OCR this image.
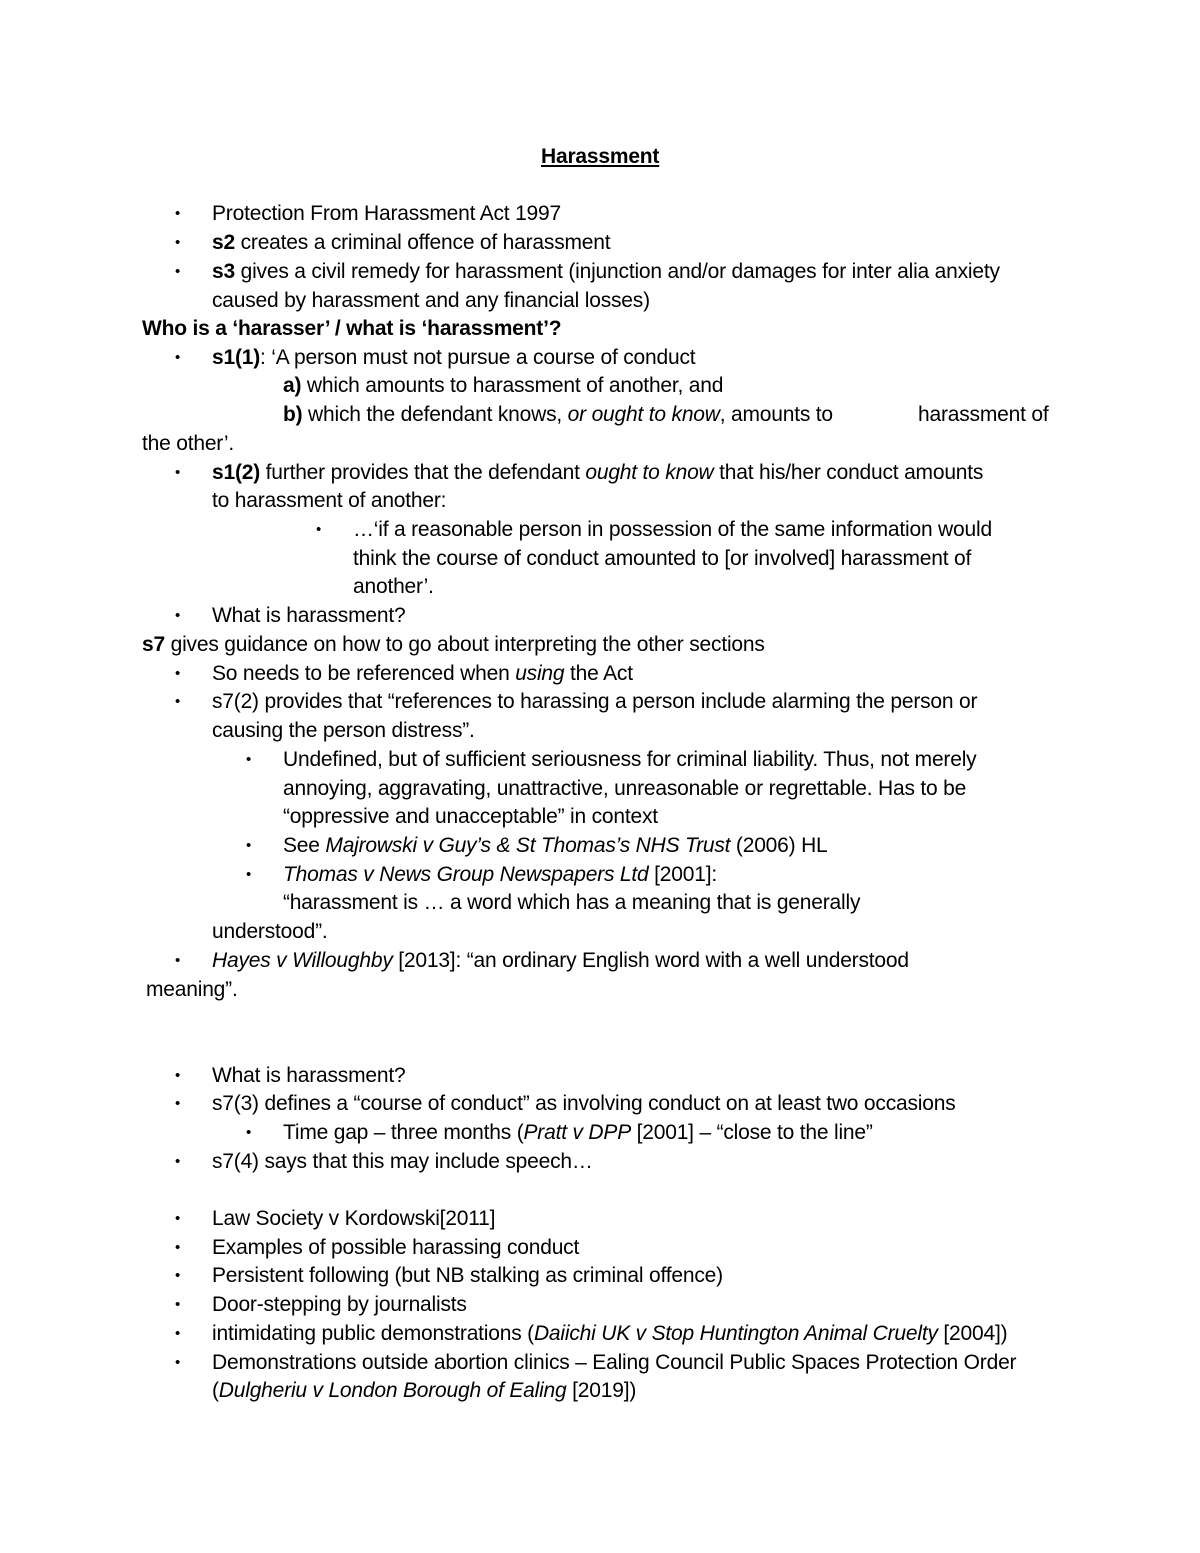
Harassment
• Protection From Harassment Act 1997
• s2 creates a criminal offence of harassment
• s3 gives a civil remedy for harassment (injunction and/or damages for inter alia anxiety
caused by harassment and any financial losses)
Who is a ‘harasser’ / what is ‘harassment’?
• s1(1): ‘A person must not pursue a course of conduct
a) which amounts to harassment of another, and
b) which the defendant knows, or ought to know, amounts to	harassment of
the other’.
• s1(2) further provides that the defendant ought to know that his/her conduct amounts
to harassment of another:
• …‘if a reasonable person in possession of the same information would
think the course of conduct amounted to [or involved] harassment of
another’.
• What is harassment?
s7 gives guidance on how to go about interpreting the other sections
• So needs to be referenced when using the Act
• s7(2) provides that “references to harassing a person include alarming the person or
causing the person distress”.
• Undefined, but of sufficient seriousness for criminal liability. Thus, not merely
annoying, aggravating, unattractive, unreasonable or regrettable. Has to be
“oppressive and unacceptable” in context
• See Majrowski v Guy’s & St Thomas’s NHS Trust (2006) HL
• Thomas v News Group Newspapers Ltd [2001]:
“harassment is … a word which has a meaning that is generally
understood”.
• Hayes v Willoughby [2013]: “an ordinary English word with a well understood
meaning”.
• What is harassment?
• s7(3) defines a “course of conduct” as involving conduct on at least two occasions
• Time gap – three months (Pratt v DPP [2001] – “close to the line”
• s7(4) says that this may include speech…
• Law Society v Kordowski[2011]
• Examples of possible harassing conduct
• Persistent following (but NB stalking as criminal offence)
• Door-stepping by journalists
• intimidating public demonstrations (Daiichi UK v Stop Huntington Animal Cruelty [2004])
• Demonstrations outside abortion clinics – Ealing Council Public Spaces Protection Order
(Dulgheriu v London Borough of Ealing [2019])
